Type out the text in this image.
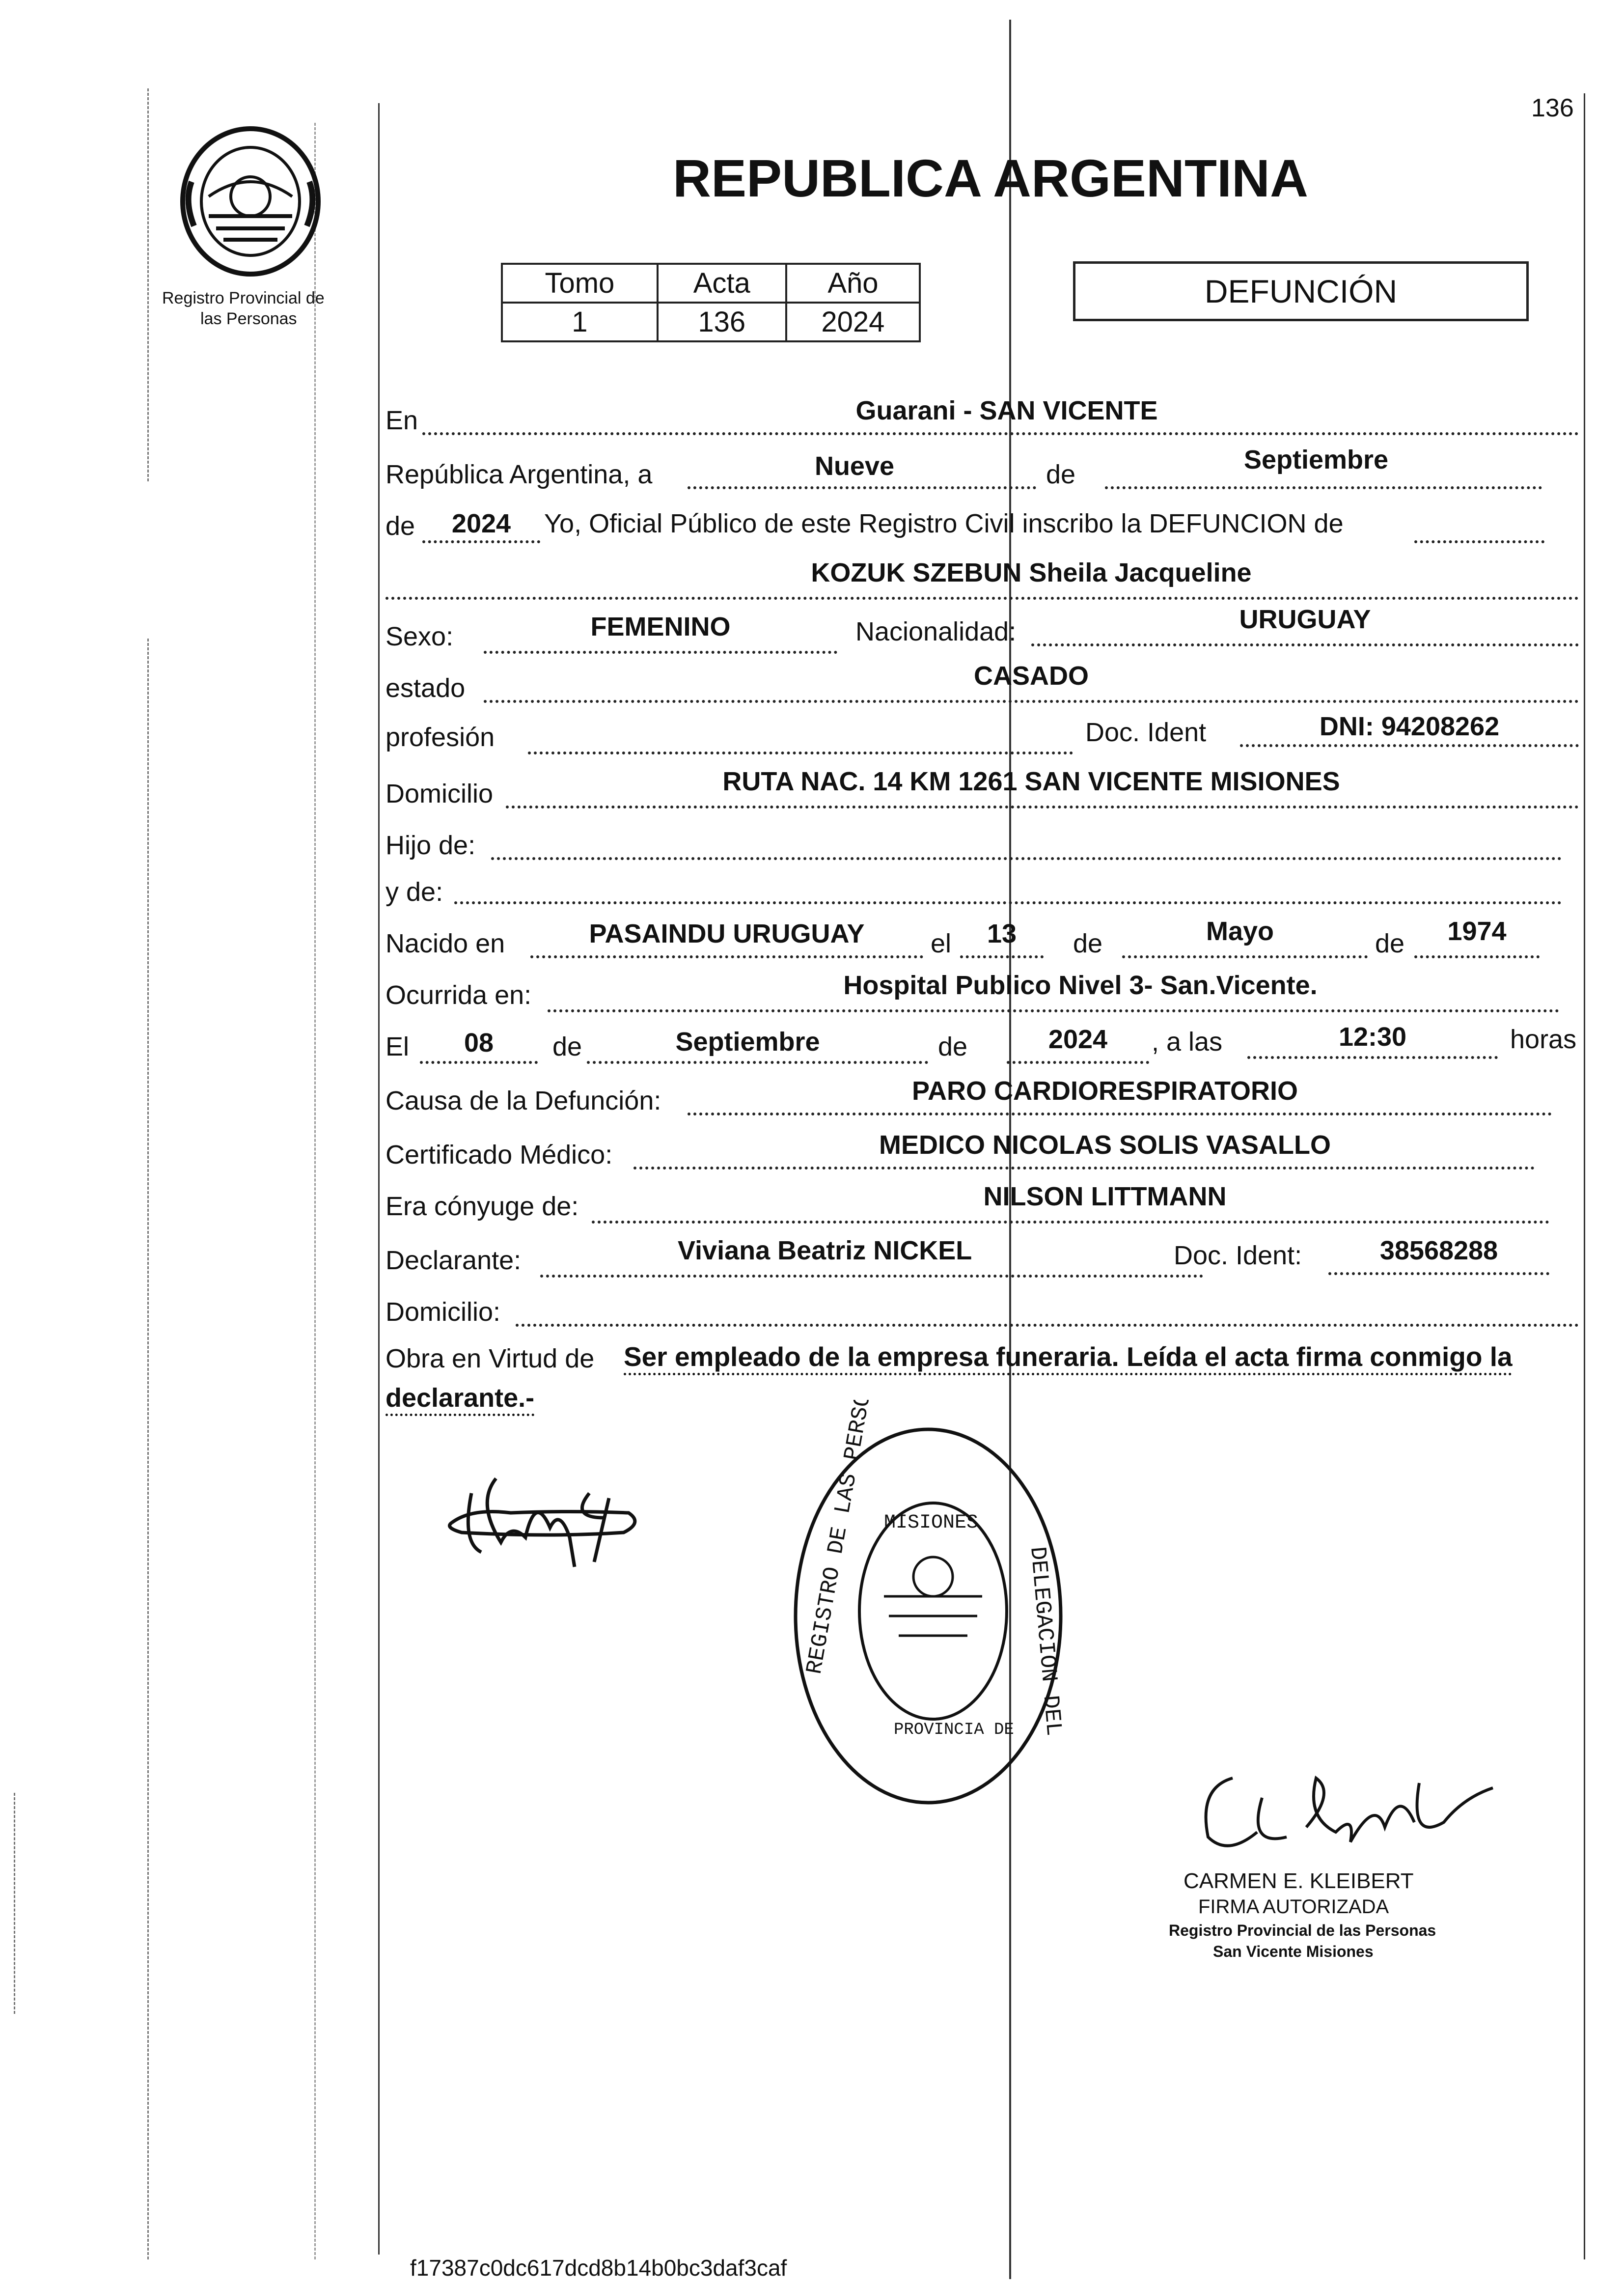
136
Registro Provincial de
las Personas
REPUBLICA ARGENTINA
Tomo	Acta	Año
1	136	2024
DEFUNCIÓN
En	Guarani - SAN VICENTE
República Argentina, a	Nueve	de	Septiembre
de	2024	Yo, Oficial Público de este Registro Civil inscribo la DEFUNCION de
KOZUK SZEBUN Sheila Jacqueline
Sexo:	FEMENINO	Nacionalidad:	URUGUAY
estado	CASADO
profesión	Doc. Ident	DNI: 94208262
Domicilio	RUTA NAC. 14 KM 1261 SAN VICENTE MISIONES
Hijo de:
y de:
Nacido en	PASAINDU URUGUAY	el	13	de	Mayo	de	1974
Ocurrida en:	Hospital Publico Nivel 3- San.Vicente.
El	08	de	Septiembre	de	2024	, a las	12:30	horas
Causa de la Defunción:	PARO CARDIORESPIRATORIO
Certificado Médico:	MEDICO NICOLAS SOLIS VASALLO
Era cónyuge de:	NILSON LITTMANN
Declarante:	Viviana Beatriz NICKEL	Doc. Ident:	38568288
Domicilio:
Obra en Virtud de Ser empleado de la empresa funeraria. Leída el acta firma conmigo la
declarante.-	REGISTRO DE LAS PERSONAS	DELEGACION DEL
MISIONES
PROVINCIA DE
CARMEN E. KLEIBERT
FIRMA AUTORIZADA
Registro Provincial de las Personas
San Vicente Misiones
f17387c0dc617dcd8b14b0bc3daf3caf
